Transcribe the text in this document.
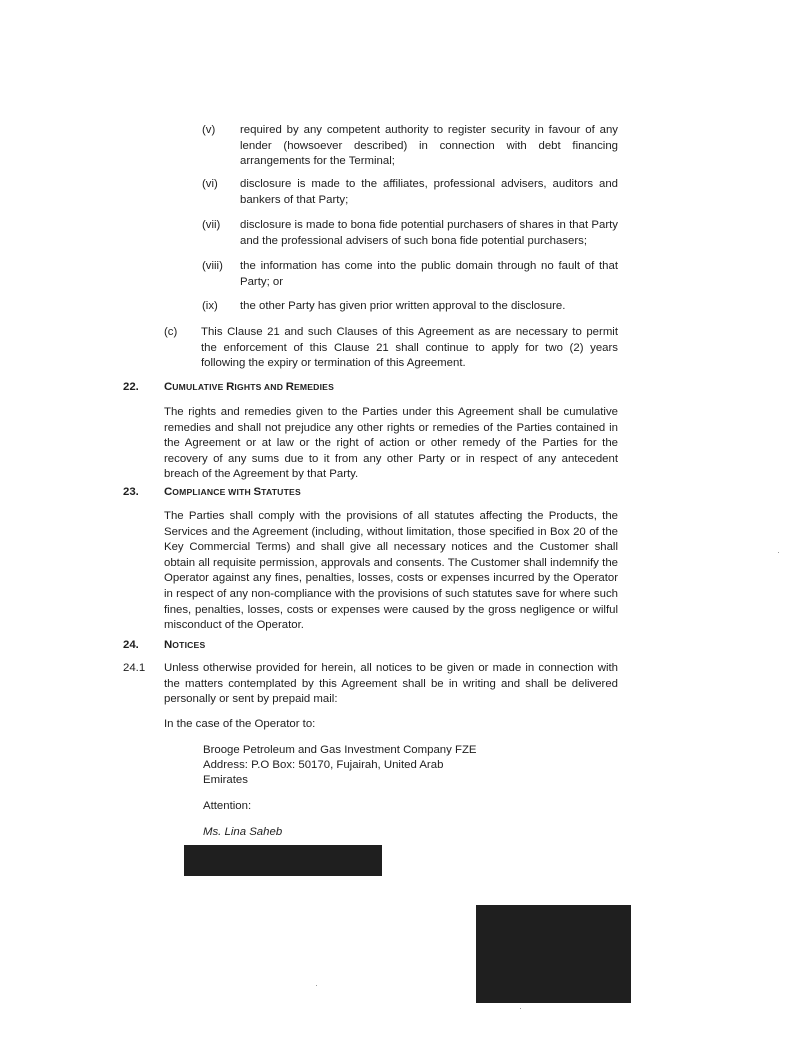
(v) required by any competent authority to register security in favour of any lender (howsoever described) in connection with debt financing arrangements for the Terminal;
(vi) disclosure is made to the affiliates, professional advisers, auditors and bankers of that Party;
(vii) disclosure is made to bona fide potential purchasers of shares in that Party and the professional advisers of such bona fide potential purchasers;
(viii) the information has come into the public domain through no fault of that Party; or
(ix) the other Party has given prior written approval to the disclosure.
(c) This Clause 21 and such Clauses of this Agreement as are necessary to permit the enforcement of this Clause 21 shall continue to apply for two (2) years following the expiry or termination of this Agreement.
22. CUMULATIVE RIGHTS AND REMEDIES
The rights and remedies given to the Parties under this Agreement shall be cumulative remedies and shall not prejudice any other rights or remedies of the Parties contained in the Agreement or at law or the right of action or other remedy of the Parties for the recovery of any sums due to it from any other Party or in respect of any antecedent breach of the Agreement by that Party.
23. COMPLIANCE WITH STATUTES
The Parties shall comply with the provisions of all statutes affecting the Products, the Services and the Agreement (including, without limitation, those specified in Box 20 of the Key Commercial Terms) and shall give all necessary notices and the Customer shall obtain all requisite permission, approvals and consents. The Customer shall indemnify the Operator against any fines, penalties, losses, costs or expenses incurred by the Operator in respect of any non-compliance with the provisions of such statutes save for where such fines, penalties, losses, costs or expenses were caused by the gross negligence or wilful misconduct of the Operator.
24. NOTICES
24.1 Unless otherwise provided for herein, all notices to be given or made in connection with the matters contemplated by this Agreement shall be in writing and shall be delivered personally or sent by prepaid mail:
In the case of the Operator to:
Brooge Petroleum and Gas Investment Company FZE
Address: P.O Box: 50170, Fujairah, United Arab
Emirates
Attention:
Ms. Lina Saheb
